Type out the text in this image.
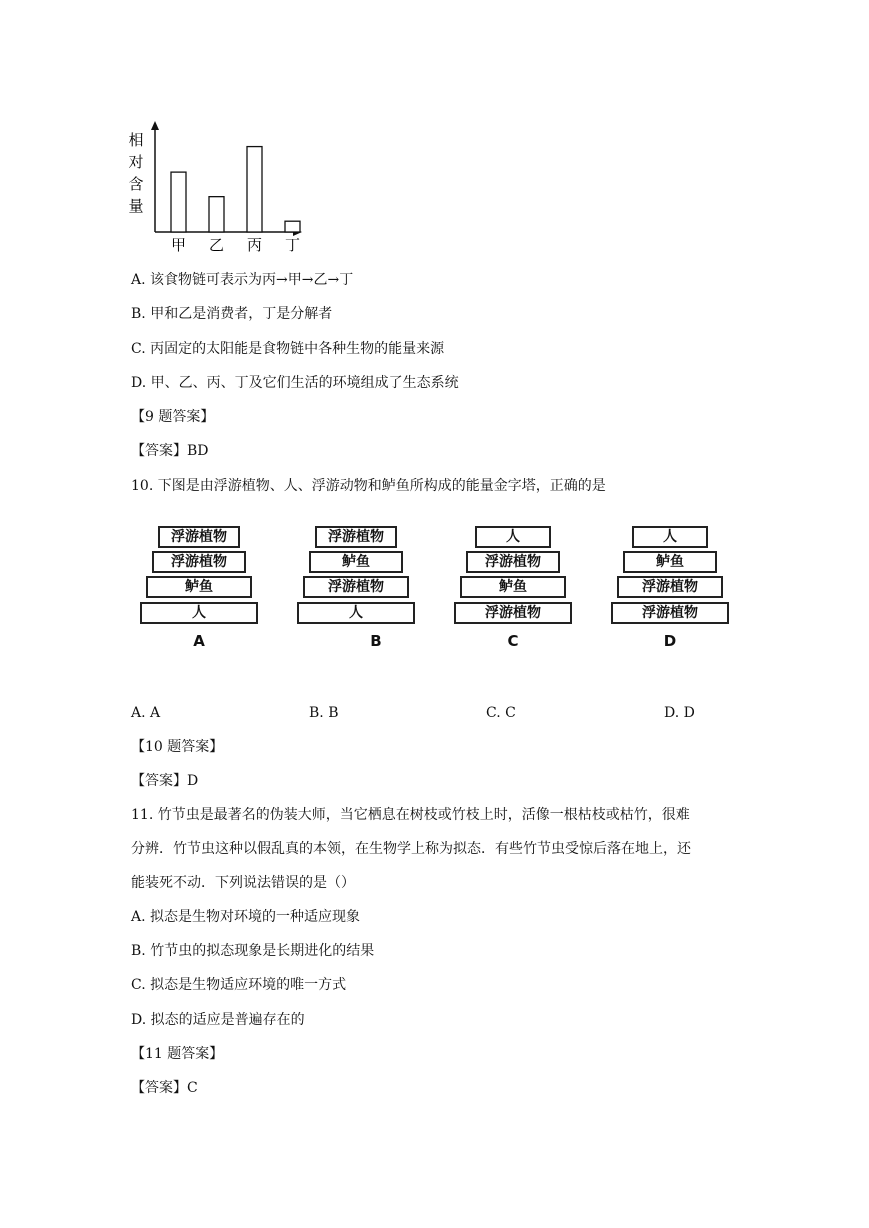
相
对
含
量
甲 乙 丙 丁
A. 该食物链可表示为丙→甲→乙→丁
B. 甲和乙是消费者，丁是分解者
C. 丙固定的太阳能是食物链中各种生物的能量来源
D. 甲、乙、丙、丁及它们生活的环境组成了生态系统
【9 题答案】
【答案】BD
10. 下图是由浮游植物、人、浮游动物和鲈鱼所构成的能量金字塔，正确的是
浮游植物
浮游植物
鲈鱼
人
A
浮游植物
鲈鱼
浮游植物
人
B
人
浮游植物
鲈鱼
浮游植物
C
人
鲈鱼
浮游植物
浮游植物
D
A. A	B. B	C. C	D. D
【10 题答案】
【答案】D
11. 竹节虫是最著名的伪装大师，当它栖息在树枝或竹枝上时，活像一根枯枝或枯竹，很难
分辨．竹节虫这种以假乱真的本领，在生物学上称为拟态．有些竹节虫受惊后落在地上，还
能装死不动．下列说法错误的是（）
A. 拟态是生物对环境的一种适应现象
B. 竹节虫的拟态现象是长期进化的结果
C. 拟态是生物适应环境的唯一方式
D. 拟态的适应是普遍存在的
【11 题答案】
【答案】C
